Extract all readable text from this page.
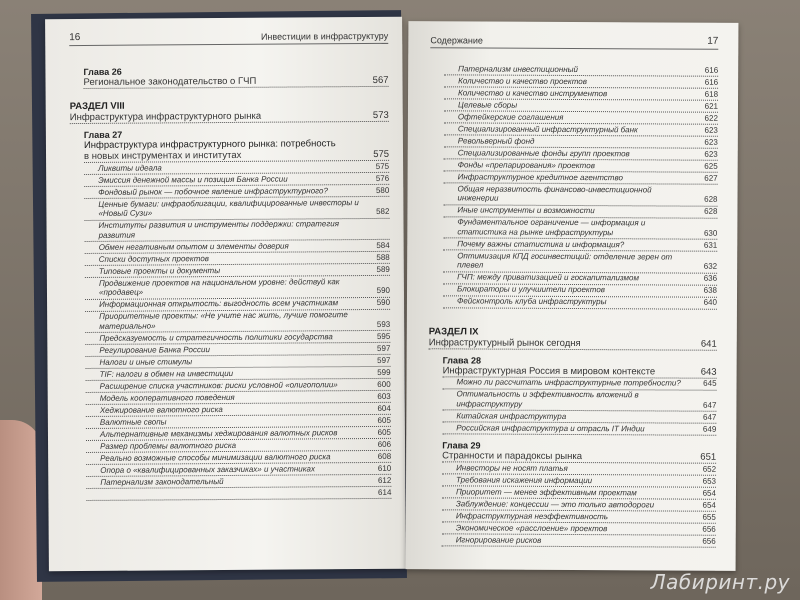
16	Инвестиции в инфраструктуру
Глава 26
Региональное законодательство о ГЧП	567
РАЗДЕЛ VIII
Инфраструктура инфраструктурного рынка	573
Глава 27
Инфраструктура инфраструктурного рынка: потребность
в новых инструментах и институтах	575
Ликвиты идеала	575
Эмиссия денежной массы и позиция Банка России	576
Фондовый рынок — побочное явление инфраструктурного?	580
Ценные бумаги: инфраоблигации, квалифицированные инвесторы и «Новый Сузи»	582
Институты развития и инструменты поддержки: стратегия развития
Обмен негативным опытом и элементы доверия	584
Списки доступных проектов	588
Типовые проекты и документы	589
Продвижение проектов на национальном уровне: действуй как «продавец»	590
Информационная открытость: выгодность всем участникам	590
Приоритетные проекты: «Не учите нас жить, лучше помогите материально»	593
Предсказуемость и стратегичность политики государства	595
Регулирование Банка России	597
Налоги и иные стимулы	597
TIF: налоги в обмен на инвестиции	599
Расширение списка участников: риски условной «олигополии»	600
Модель кооперативного поведения	603
Хеджирование валютного риска	604
Валютные свопы	605
Альтернативные механизмы хеджирования валютных рисков	605
Размер проблемы валютного риска	606
Реально возможные способы минимизации валютного риска	608
Опора о «квалифицированных заказчиках» и участниках	610
Патернализм законодательный	612
614
Содержание	17
Патернализм инвестиционный	616
Количество и качество проектов	616
Количество и качество инструментов	618
Целевые сборы	621
Офтейкерские соглашения	622
Специализированный инфраструктурный банк	623
Револьверный фонд	623
Специализированные фонды групп проектов	623
Фонды «препарирования» проектов	625
Инфраструктурное кредитное агентство	627
Общая неразвитость финансово-инвестиционной инженерии	628
Иные инструменты и возможности	628
Фундаментальное ограничение — информация и статистика на рынке инфраструктуры	630
Почему важны статистика и информация?	631
Оптимизация КПД госинвестиций: отделение зерен от плевел	632
ГЧП: между приватизацией и госкапитализмом	636
Блокираторы и улучшители проектов	638
Фейсконтроль клуба инфраструктуры	640
РАЗДЕЛ IX
Инфраструктурный рынок сегодня	641
Глава 28
Инфраструктурная Россия в мировом контексте	643
Можно ли рассчитать инфраструктурные потребности?	645
Оптимальность и эффективность вложений в инфраструктуру	647
Китайская инфраструктура	647
Российская инфраструктура и отрасль IT Индии	649
Глава 29
Странности и парадоксы рынка	651
Инвесторы не носят платья	652
Требования искажения информации	653
Приоритет — менее эффективным проектам	654
Заблуждение: концессии — это только автодороги	654
Инфраструктурная неэффективность	655
Экономическое «расслоение» проектов	656
Игнорирование рисков	656
Лабиринт.ру
